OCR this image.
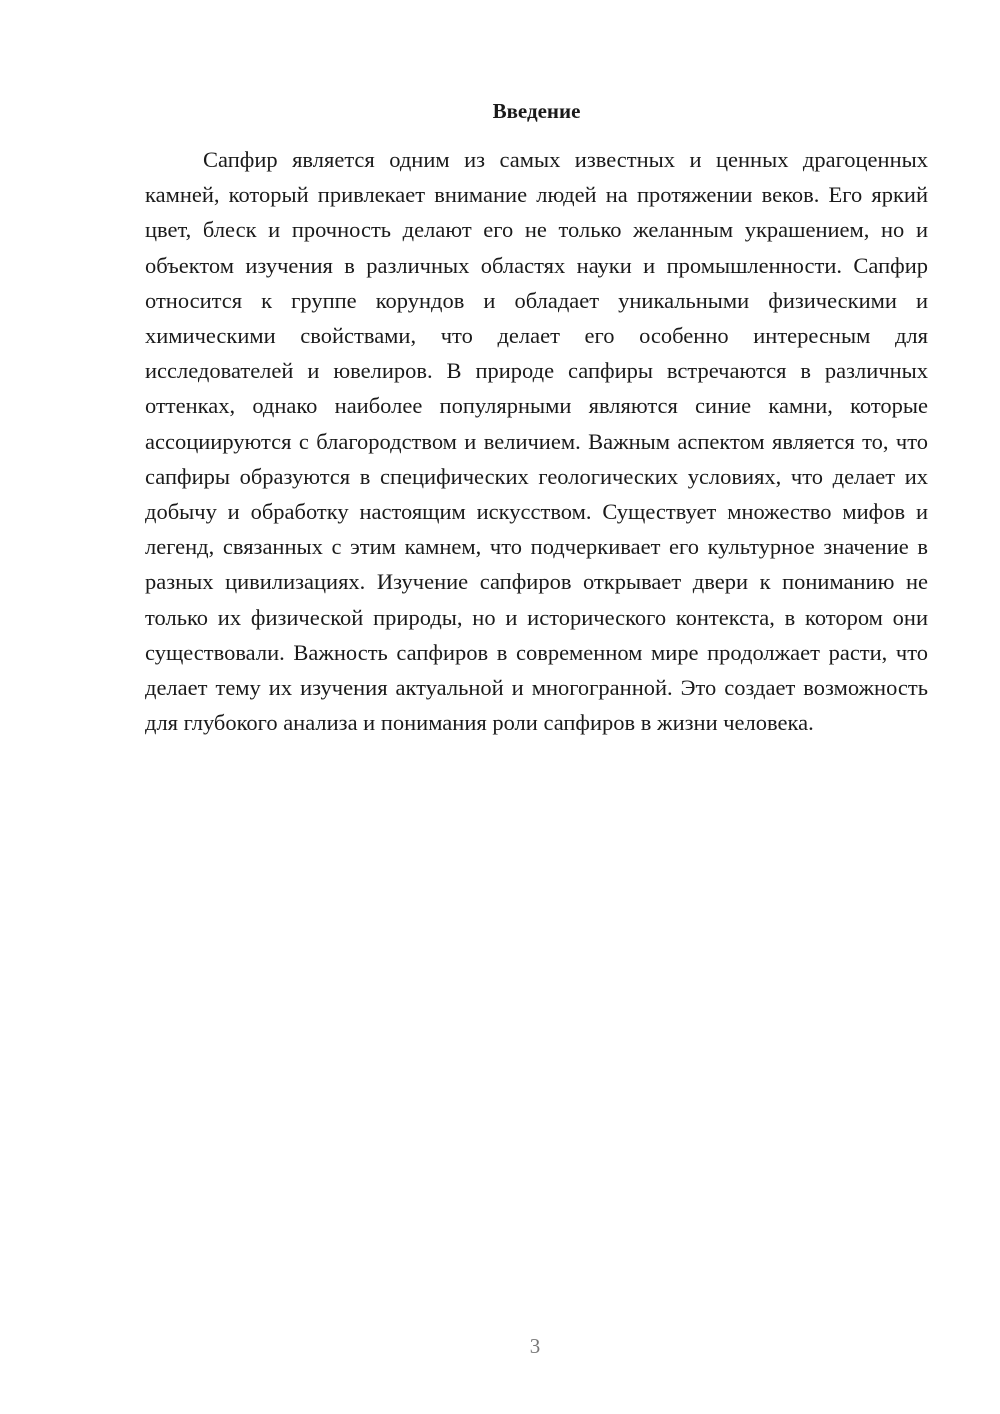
Введение

Сапфир является одним из самых известных и ценных драгоценных камней, который привлекает внимание людей на протяжении веков. Его яркий цвет, блеск и прочность делают его не только желанным украшением, но и объектом изучения в различных областях науки и промышленности. Сапфир относится к группе корундов и обладает уникальными физическими и химическими свойствами, что делает его особенно интересным для исследователей и ювелиров. В природе сапфиры встречаются в различных оттенках, однако наиболее популярными являются синие камни, которые ассоциируются с благородством и величием. Важным аспектом является то, что сапфиры образуются в специфических геологических условиях, что делает их добычу и обработку настоящим искусством. Существует множество мифов и легенд, связанных с этим камнем, что подчеркивает его культурное значение в разных цивилизациях. Изучение сапфиров открывает двери к пониманию не только их физической природы, но и исторического контекста, в котором они существовали. Важность сапфиров в современном мире продолжает расти, что делает тему их изучения актуальной и многогранной. Это создает возможность для глубокого анализа и понимания роли сапфиров в жизни человека.

3
